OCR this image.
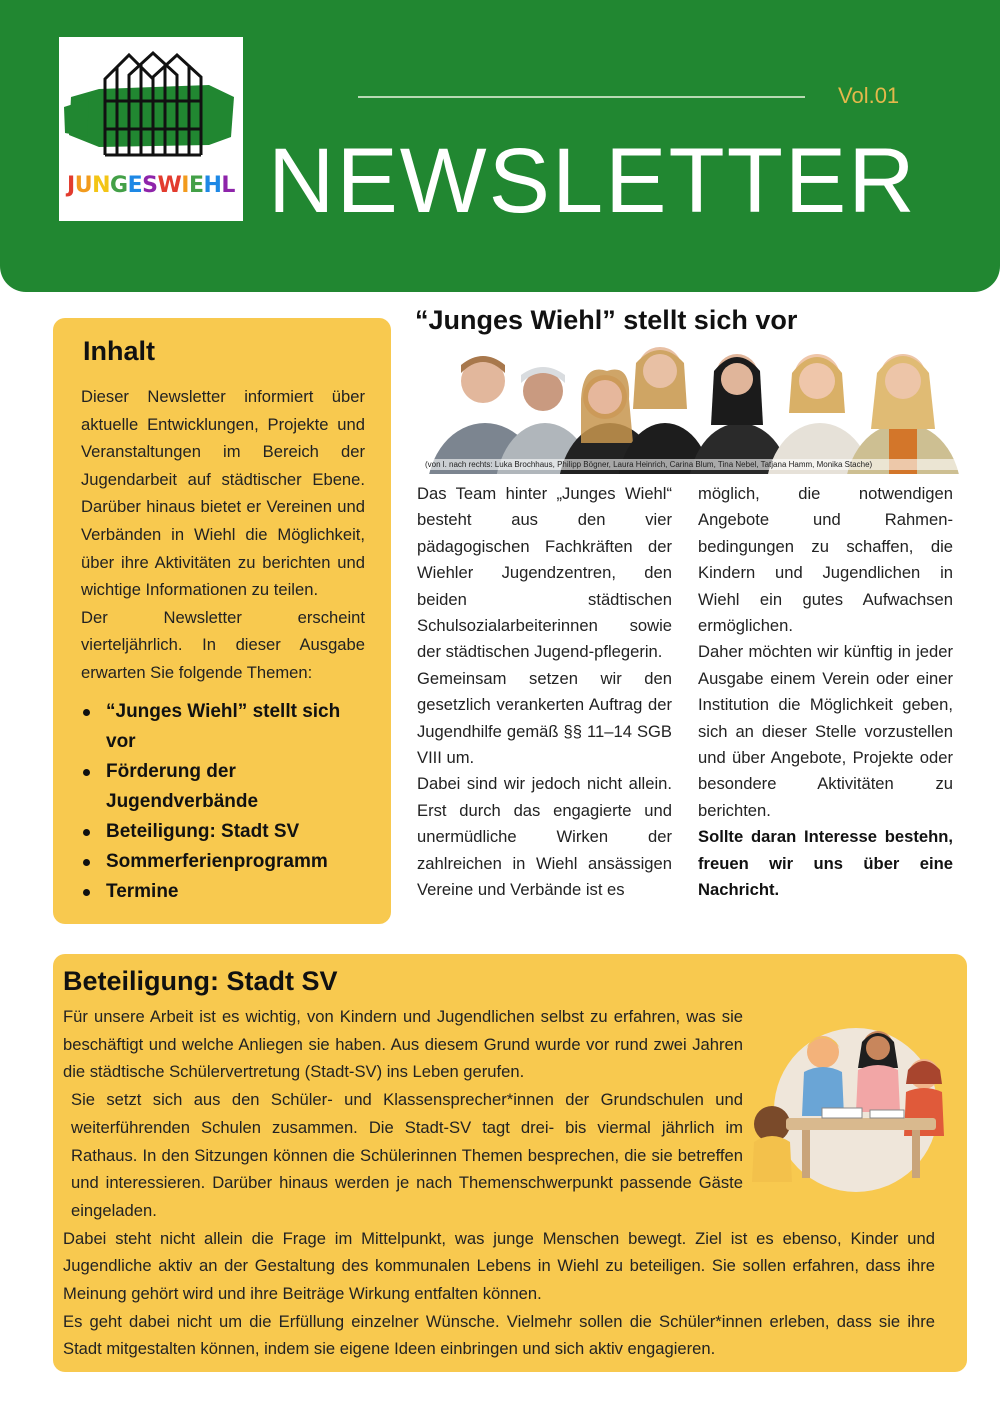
JUNGESWIEHL
Vol.01
NEWSLETTER
Inhalt
Dieser Newsletter informiert über aktuelle Entwicklungen, Projekte und Veranstaltungen im Bereich der Jugendarbeit auf städtischer Ebene. Darüber hinaus bietet er Vereinen und Verbänden in Wiehl die Möglichkeit, über ihre Aktivitäten zu berichten und wichtige Informationen zu teilen.
Der Newsletter erscheint vierteljährlich. In dieser Ausgabe erwarten Sie folgende Themen:
“Junges Wiehl” stellt sich vor
Förderung der Jugendverbände
Beteiligung: Stadt SV
Sommerferienprogramm
Termine
“Junges Wiehl” stellt sich vor
(von l. nach rechts: Luka Brochhaus, Philipp Bögner, Laura Heinrich, Carina Blum, Tina Nebel, Tatjana Hamm, Monika Stache)
Das Team hinter „Junges Wiehl“ besteht aus den vier pädagogischen Fachkräften der Wiehler Jugendzentren, den beiden städtischen Schulsozialarbeiterinnen sowie der städtischen Jugend-pflegerin.
Gemeinsam setzen wir den gesetzlich verankerten Auftrag der Jugendhilfe gemäß §§ 11–14 SGB VIII um.
Dabei sind wir jedoch nicht allein. Erst durch das engagierte und unermüdliche Wirken der zahlreichen in Wiehl ansässigen Vereine und Verbände ist es
möglich, die notwendigen Angebote und Rahmen-bedingungen zu schaffen, die Kindern und Jugendlichen in Wiehl ein gutes Aufwachsen ermöglichen.
Daher möchten wir künftig in jeder Ausgabe einem Verein oder einer Institution die Möglichkeit geben, sich an dieser Stelle vorzustellen und über Angebote, Projekte oder besondere Aktivitäten zu berichten.
Sollte daran Interesse bestehn, freuen wir uns über eine Nachricht.
Beteiligung: Stadt SV
Für unsere Arbeit ist es wichtig, von Kindern und Jugendlichen selbst zu erfahren, was sie beschäftigt und welche Anliegen sie haben. Aus diesem Grund wurde vor rund zwei Jahren die städtische Schülervertretung (Stadt-SV) ins Leben gerufen.
Sie setzt sich aus den Schüler- und Klassensprecher*innen der Grundschulen und weiterführenden Schulen zusammen. Die Stadt-SV tagt drei- bis viermal jährlich im Rathaus. In den Sitzungen können die Schülerinnen Themen besprechen, die sie betreffen und interessieren. Darüber hinaus werden je nach Themenschwerpunkt passende Gäste eingeladen.
Dabei steht nicht allein die Frage im Mittelpunkt, was junge Menschen bewegt. Ziel ist es ebenso, Kinder und Jugendliche aktiv an der Gestaltung des kommunalen Lebens in Wiehl zu beteiligen. Sie sollen erfahren, dass ihre Meinung gehört wird und ihre Beiträge Wirkung entfalten können.
Es geht dabei nicht um die Erfüllung einzelner Wünsche. Vielmehr sollen die Schüler*innen erleben, dass sie ihre Stadt mitgestalten können, indem sie eigene Ideen einbringen und sich aktiv engagieren.
